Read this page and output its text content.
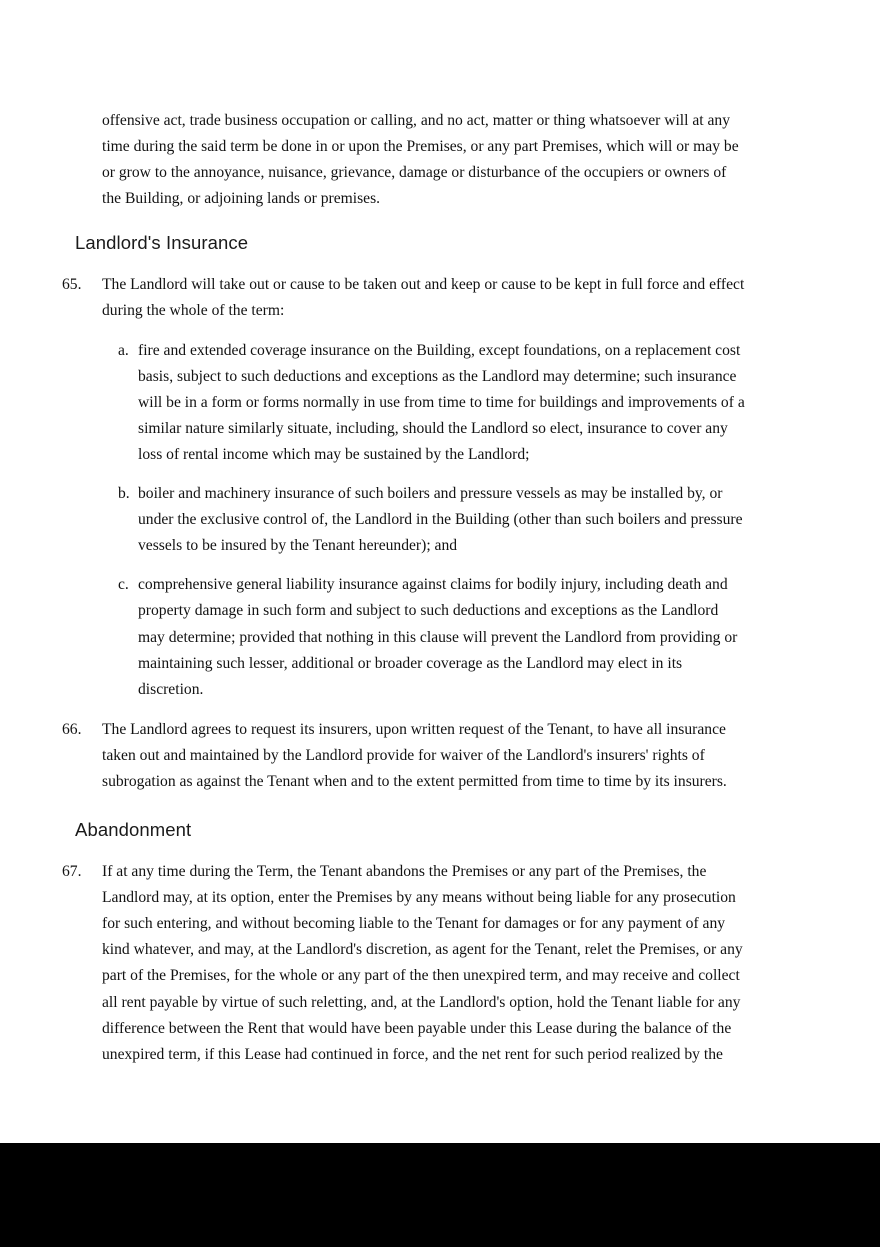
offensive act, trade business occupation or calling, and no act, matter or thing whatsoever will at any
time during the said term be done in or upon the Premises, or any part Premises, which will or may be
or grow to the annoyance, nuisance, grievance, damage or disturbance of the occupiers or owners of
the Building, or adjoining lands or premises.

Landlord's Insurance
65.	The Landlord will take out or cause to be taken out and keep or cause to be kept in full force and effect
during the whole of the term:
a. fire and extended coverage insurance on the Building, except foundations, on a replacement cost
basis, subject to such deductions and exceptions as the Landlord may determine; such insurance
will be in a form or forms normally in use from time to time for buildings and improvements of a
similar nature similarly situate, including, should the Landlord so elect, insurance to cover any
loss of rental income which may be sustained by the Landlord;
b. boiler and machinery insurance of such boilers and pressure vessels as may be installed by, or
under the exclusive control of, the Landlord in the Building (other than such boilers and pressure
vessels to be insured by the Tenant hereunder); and
c. comprehensive general liability insurance against claims for bodily injury, including death and
property damage in such form and subject to such deductions and exceptions as the Landlord
may determine; provided that nothing in this clause will prevent the Landlord from providing or
maintaining such lesser, additional or broader coverage as the Landlord may elect in its
discretion.
66.	The Landlord agrees to request its insurers, upon written request of the Tenant, to have all insurance
taken out and maintained by the Landlord provide for waiver of the Landlord's insurers' rights of
subrogation as against the Tenant when and to the extent permitted from time to time by its insurers.
Abandonment
67.	If at any time during the Term, the Tenant abandons the Premises or any part of the Premises, the
Landlord may, at its option, enter the Premises by any means without being liable for any prosecution
for such entering, and without becoming liable to the Tenant for damages or for any payment of any
kind whatever, and may, at the Landlord's discretion, as agent for the Tenant, relet the Premises, or any
part of the Premises, for the whole or any part of the then unexpired term, and may receive and collect
all rent payable by virtue of such reletting, and, at the Landlord's option, hold the Tenant liable for any
difference between the Rent that would have been payable under this Lease during the balance of the
unexpired term, if this Lease had continued in force, and the net rent for such period realized by the
